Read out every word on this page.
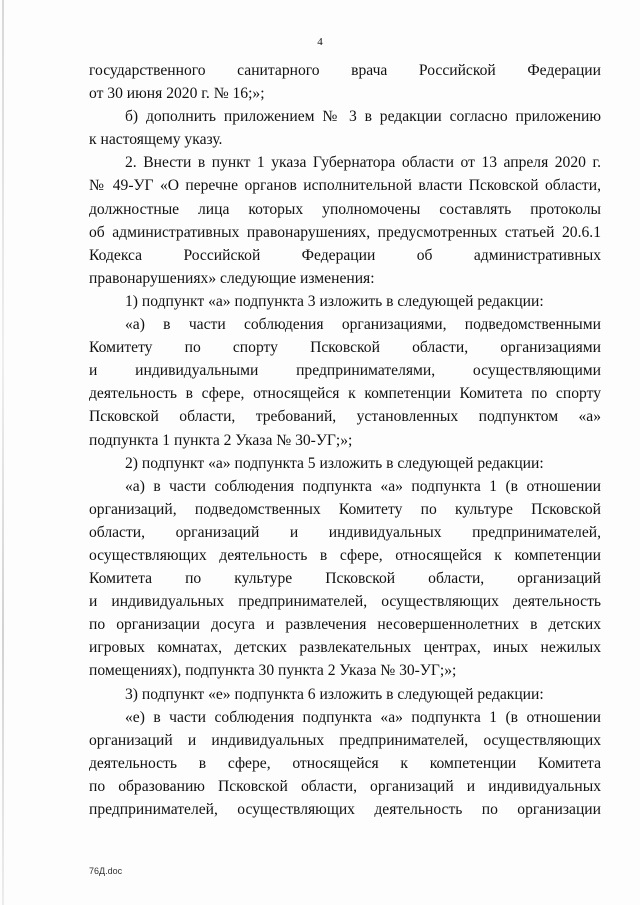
4
государственного санитарного врача Российской Федерации
от 30 июня 2020 г. № 16;»;
б) дополнить приложением № 3 в редакции согласно приложению
к настоящему указу.
2. Внести в пункт 1 указа Губернатора области от 13 апреля 2020 г.
№ 49-УГ «О перечне органов исполнительной власти Псковской области,
должностные лица которых уполномочены составлять протоколы
об административных правонарушениях, предусмотренных статьей 20.6.1
Кодекса Российской Федерации об административных
правонарушениях» следующие изменения:
1) подпункт «а» подпункта 3 изложить в следующей редакции:
«а) в части соблюдения организациями, подведомственными
Комитету по спорту Псковской области, организациями
и индивидуальными предпринимателями, осуществляющими
деятельность в сфере, относящейся к компетенции Комитета по спорту
Псковской области, требований, установленных подпунктом «а»
подпункта 1 пункта 2 Указа № 30-УГ;»;
2) подпункт «а» подпункта 5 изложить в следующей редакции:
«а) в части соблюдения подпункта «а» подпункта 1 (в отношении
организаций, подведомственных Комитету по культуре Псковской
области, организаций и индивидуальных предпринимателей,
осуществляющих деятельность в сфере, относящейся к компетенции
Комитета по культуре Псковской области, организаций
и индивидуальных предпринимателей, осуществляющих деятельность
по организации досуга и развлечения несовершеннолетних в детских
игровых комнатах, детских развлекательных центрах, иных нежилых
помещениях), подпункта 30 пункта 2 Указа № 30-УГ;»;
3) подпункт «е» подпункта 6 изложить в следующей редакции:
«е) в части соблюдения подпункта «а» подпункта 1 (в отношении
организаций и индивидуальных предпринимателей, осуществляющих
деятельность в сфере, относящейся к компетенции Комитета
по образованию Псковской области, организаций и индивидуальных
предпринимателей, осуществляющих деятельность по организации
76Д.doc
